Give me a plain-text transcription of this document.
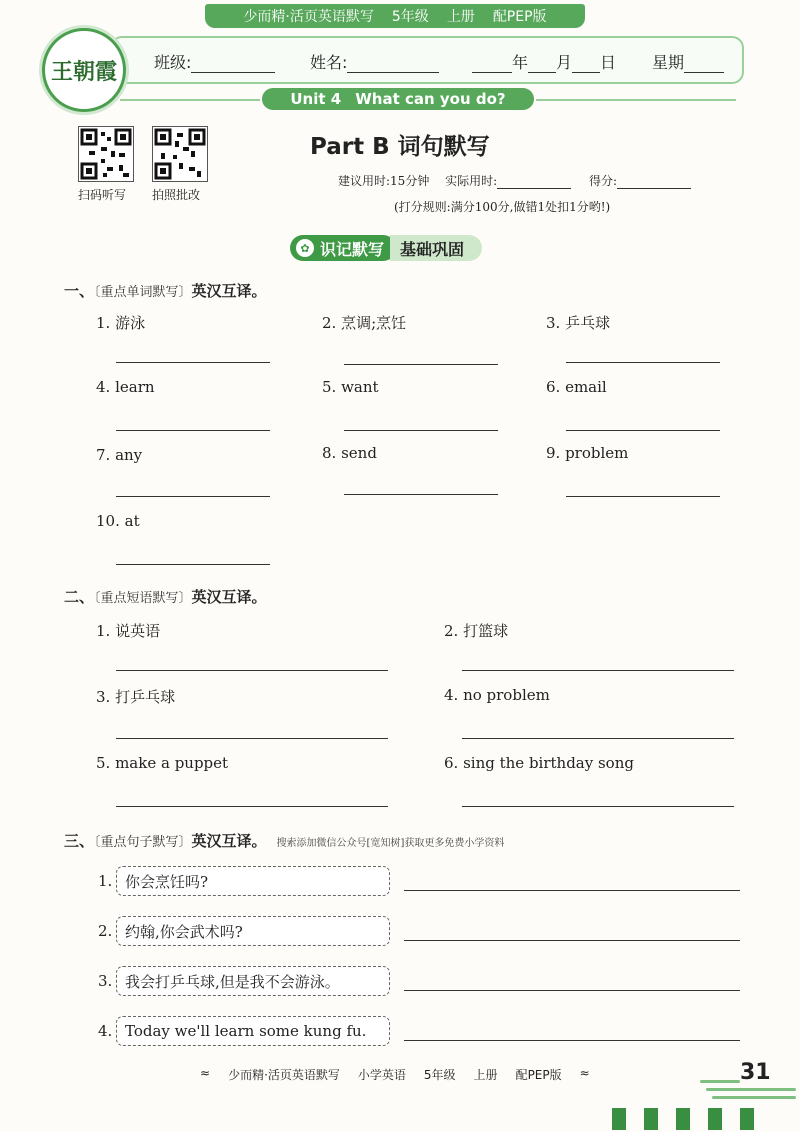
少而精·活页英语默写 5年级 上册 配PEP版
班级:	姓名:	年 月 日 星期
Unit 4 What can you do?
王朝霞
扫码听写 拍照批改
Part B 词句默写
建议用时:15分钟 实际用时:	得分:
(打分规则:满分100分,做错1处扣1分哟!)
✿ 识记默写 基础巩固
一、〔重点单词默写〕英汉互译。
1. 游泳	2. 烹调;烹饪	3. 乒乓球
4. learn	5. want	6. email
7. any	8. send	9. problem
10. at
二、〔重点短语默写〕英汉互译。
1. 说英语	2. 打篮球
3. 打乒乓球	4. no problem
5. make a puppet	6. sing the birthday song
三、〔重点句子默写〕英汉互译。 搜索添加微信公众号[宽知树]获取更多免费小学资料
1. 你会烹饪吗?
2. 约翰,你会武术吗?
3. 我会打乒乓球,但是我不会游泳。
4. Today we'll learn some kung fu.
≈ 少而精·活页英语默写 小学英语 5年级 上册 配PEP版 ≈	31
